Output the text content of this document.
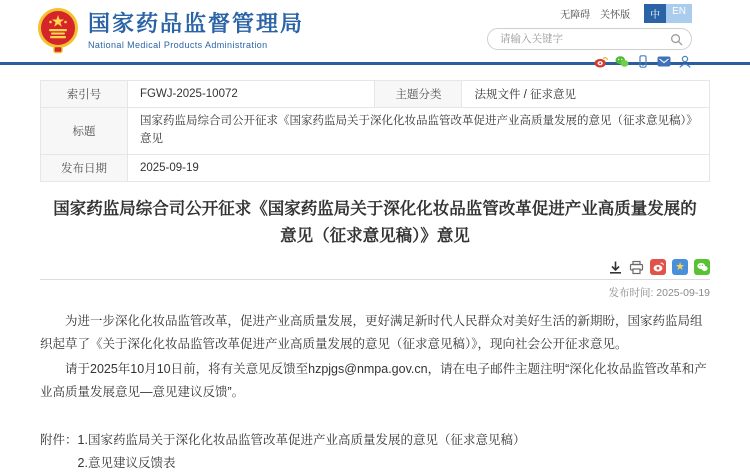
国家药品监督管理局
National Medical Products Administration
无障碍 关怀版	中	EN
请输入关键字
索引号	FGWJ-2025-10072	主题分类	法规文件 / 征求意见
标题	国家药监局综合司公开征求《国家药监局关于深化化妆品监管改革促进产业高质量发展的意见（征求意见稿）》意见		
发布日期	2025-09-19		
国家药监局综合司公开征求《国家药监局关于深化化妆品监管改革促进产业高质量发展的意见（征求意见稿）》意见
★
发布时间: 2025-09-19

为进一步深化化妆品监管改革，促进产业高质量发展，更好满足新时代人民群众对美好生活的新期盼，国家药监局组织起草了《关于深化化妆品监管改革促进产业高质量发展的意见（征求意见稿）》，现向社会公开征求意见。

请于2025年10月10日前，将有关意见反馈至hzpjgs@nmpa.gov.cn，请在电子邮件主题注明“深化化妆品监管改革和产业高质量发展意见—意见建议反馈”。

附件： 1.国家药监局关于深化化妆品监管改革促进产业高质量发展的意见（征求意见稿）
2.意见建议反馈表
